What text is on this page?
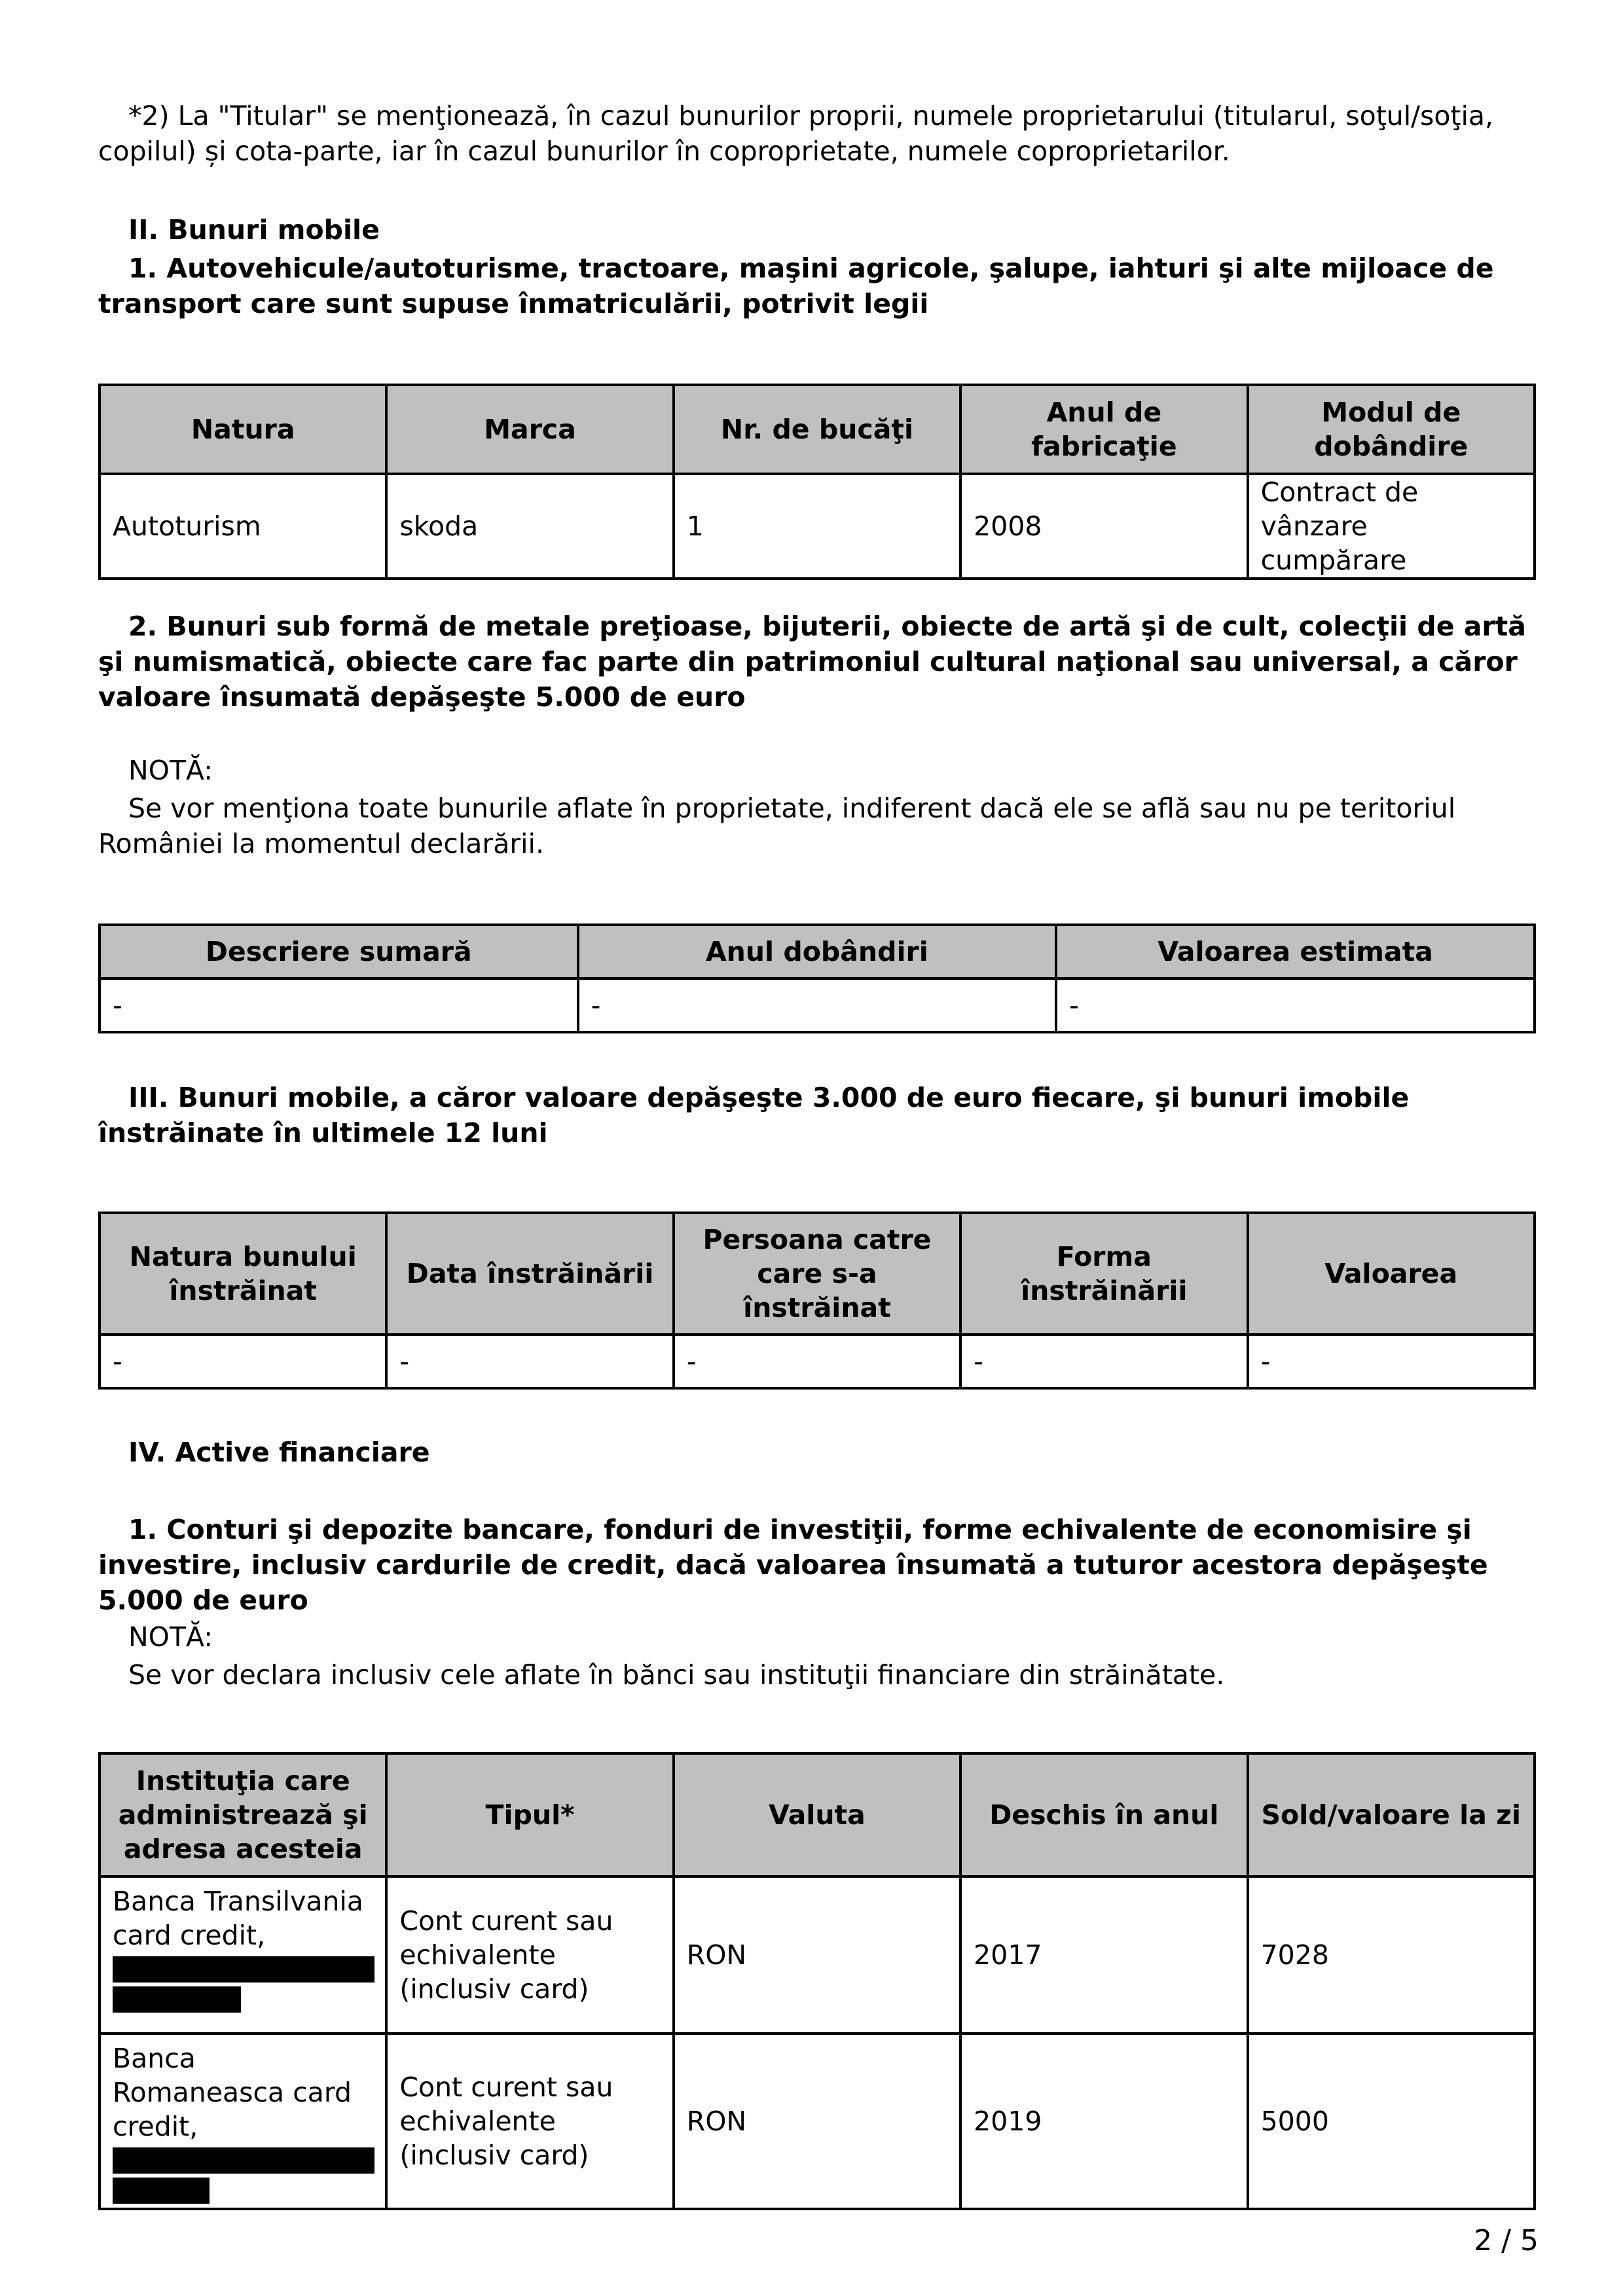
*2) La "Titular" se menţionează, în cazul bunurilor proprii, numele proprietarului (titularul, soţul/soţia, copilul) și cota-parte, iar în cazul bunurilor în coproprietate, numele coproprietarilor.

II. Bunuri mobile

1. Autovehicule/autoturisme, tractoare, maşini agricole, şalupe, iahturi şi alte mijloace de transport care sunt supuse înmatriculării, potrivit legii

Natura	Marca	Nr. de bucăţi	Anul de fabricaţie	Modul de dobândire
Autoturism	skoda	1	2008	Contract de vânzare cumpărare

2. Bunuri sub formă de metale preţioase, bijuterii, obiecte de artă şi de cult, colecţii de artă şi numismatică, obiecte care fac parte din patrimoniul cultural naţional sau universal, a căror valoare însumată depăşeşte 5.000 de euro

NOTĂ:

Se vor menţiona toate bunurile aflate în proprietate, indiferent dacă ele se află sau nu pe teritoriul României la momentul declarării.

Descriere sumară	Anul dobândiri	Valoarea estimata
-	-	-

III. Bunuri mobile, a căror valoare depăşeşte 3.000 de euro fiecare, şi bunuri imobile înstrăinate în ultimele 12 luni

Natura bunului înstrăinat	Data înstrăinării	Persoana catre care s-a înstrăinat	Forma înstrăinării	Valoarea
-	-	-	-	-

IV. Active financiare

1. Conturi şi depozite bancare, fonduri de investiţii, forme echivalente de economisire şi investire, inclusiv cardurile de credit, dacă valoarea însumată a tuturor acestora depăşeşte 5.000 de euro

NOTĂ:

Se vor declara inclusiv cele aflate în bănci sau instituţii financiare din străinătate.

Instituţia care administrează şi adresa acesteia	Tipul*	Valuta	Deschis în anul	Sold/valoare la zi
Banca Transilvania card credit,	Cont curent sau echivalente (inclusiv card)	RON	2017	7028
Banca Romaneasca card credit,	Cont curent sau echivalente (inclusiv card)	RON	2019	5000
2 / 5
